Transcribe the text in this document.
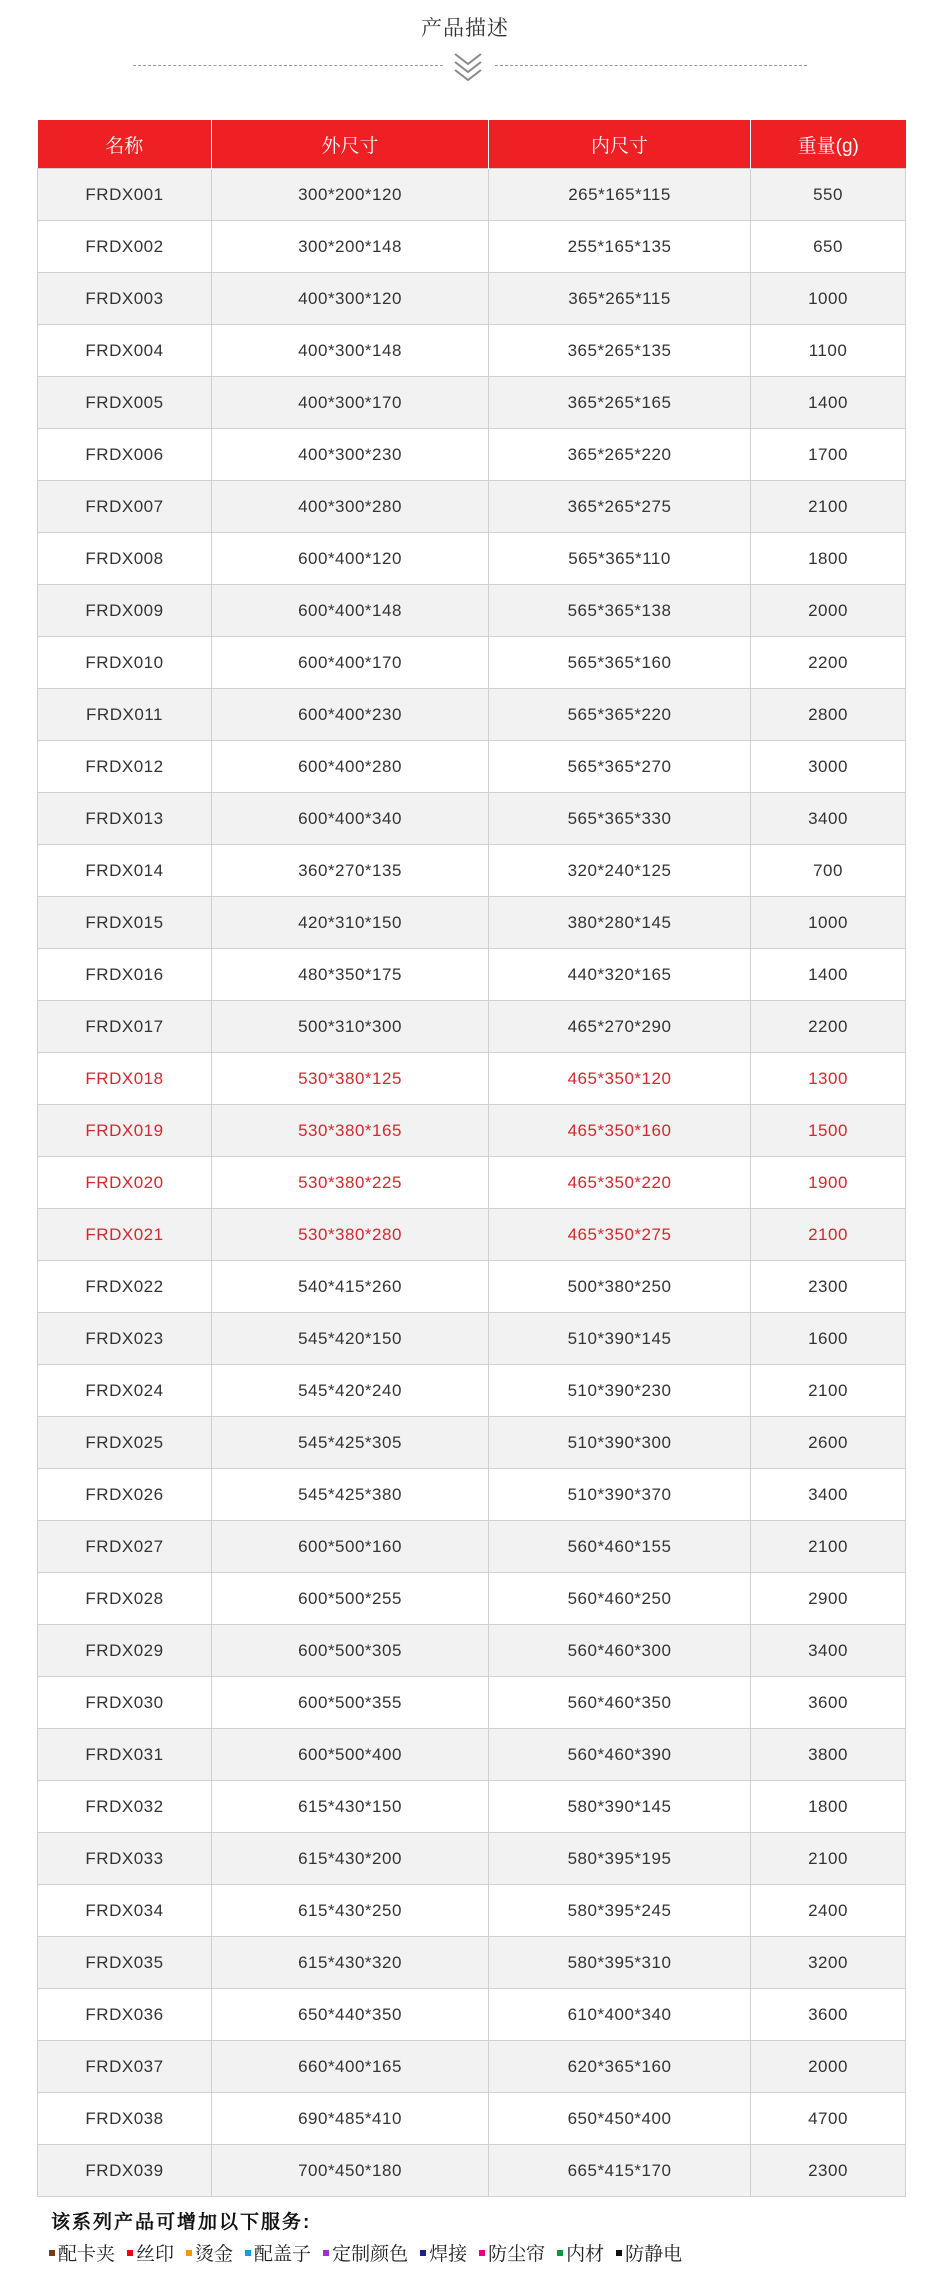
产品描述
名称	外尺寸	内尺寸	重量(g)
FRDX001	300*200*120	265*165*115	550
FRDX002	300*200*148	255*165*135	650
FRDX003	400*300*120	365*265*115	1000
FRDX004	400*300*148	365*265*135	1100
FRDX005	400*300*170	365*265*165	1400
FRDX006	400*300*230	365*265*220	1700
FRDX007	400*300*280	365*265*275	2100
FRDX008	600*400*120	565*365*110	1800
FRDX009	600*400*148	565*365*138	2000
FRDX010	600*400*170	565*365*160	2200
FRDX011	600*400*230	565*365*220	2800
FRDX012	600*400*280	565*365*270	3000
FRDX013	600*400*340	565*365*330	3400
FRDX014	360*270*135	320*240*125	700
FRDX015	420*310*150	380*280*145	1000
FRDX016	480*350*175	440*320*165	1400
FRDX017	500*310*300	465*270*290	2200
FRDX018	530*380*125	465*350*120	1300
FRDX019	530*380*165	465*350*160	1500
FRDX020	530*380*225	465*350*220	1900
FRDX021	530*380*280	465*350*275	2100
FRDX022	540*415*260	500*380*250	2300
FRDX023	545*420*150	510*390*145	1600
FRDX024	545*420*240	510*390*230	2100
FRDX025	545*425*305	510*390*300	2600
FRDX026	545*425*380	510*390*370	3400
FRDX027	600*500*160	560*460*155	2100
FRDX028	600*500*255	560*460*250	2900
FRDX029	600*500*305	560*460*300	3400
FRDX030	600*500*355	560*460*350	3600
FRDX031	600*500*400	560*460*390	3800
FRDX032	615*430*150	580*390*145	1800
FRDX033	615*430*200	580*395*195	2100
FRDX034	615*430*250	580*395*245	2400
FRDX035	615*430*320	580*395*310	3200
FRDX036	650*440*350	610*400*340	3600
FRDX037	660*400*165	620*365*160	2000
FRDX038	690*485*410	650*450*400	4700
FRDX039	700*450*180	665*415*170	2300
该系列产品可增加以下服务:
配卡夹 丝印 烫金 配盖子 定制颜色 焊接 防尘帘 内材 防静电
